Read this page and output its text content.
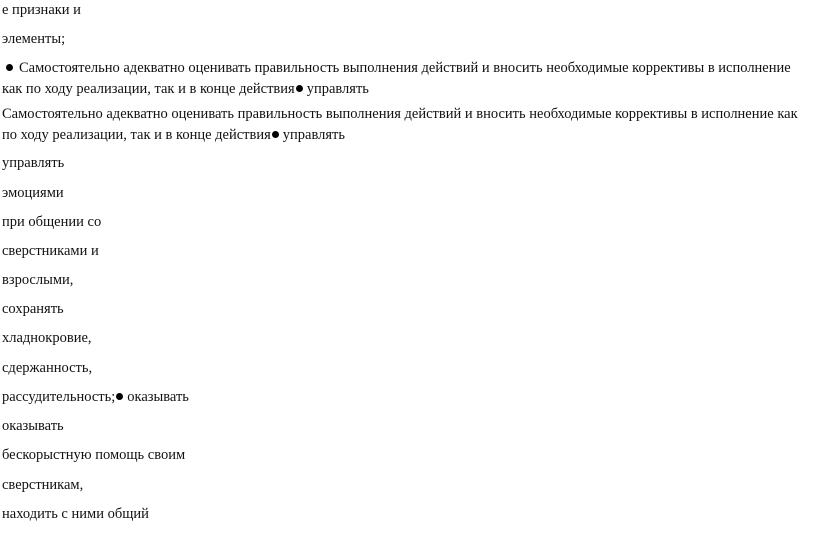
е признаки и
элементы;
Самостоятельно адекватно оценивать правильность выполнения действий и вносить необходимые коррективы в исполнение как по ходу реализации, так и в конце действия управлять
Самостоятельно адекватно оценивать правильность выполнения действий и вносить необходимые коррективы в исполнение как по ходу реализации, так и в конце действия управлять
управлять
эмоциями
при общении со
сверстниками и
взрослыми,
сохранять
хладнокровие,
сдержанность,
рассудительность; оказывать
оказывать
бескорыстную помощь своим
сверстникам,
находить с ними общий
